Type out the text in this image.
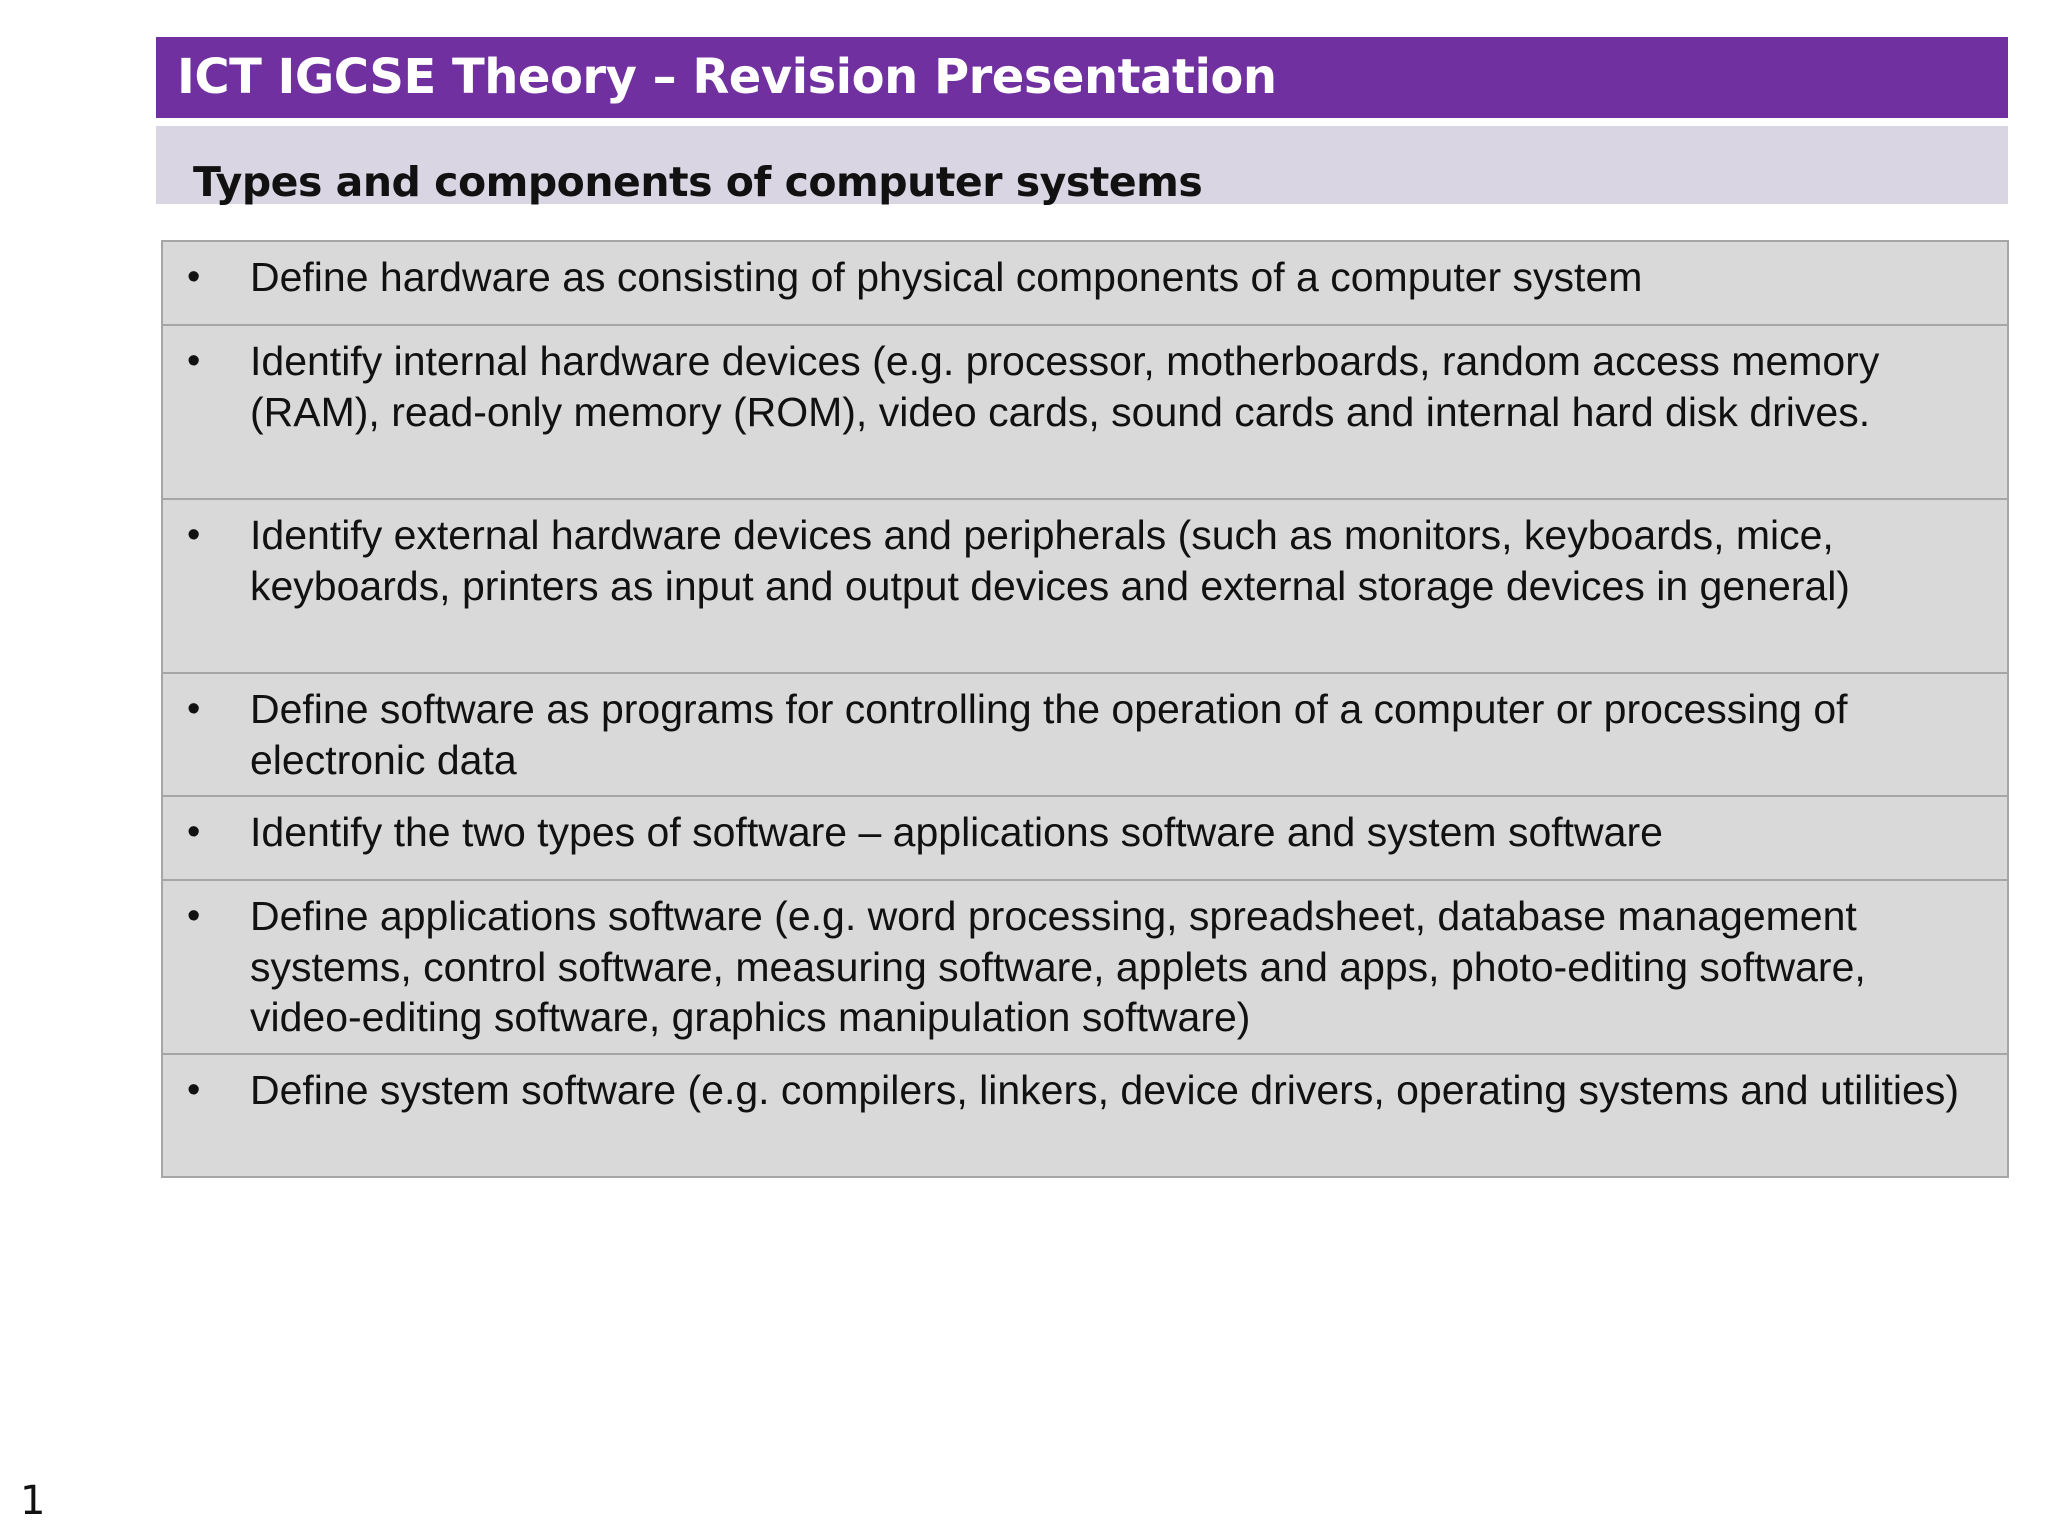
ICT IGCSE Theory – Revision Presentation
Types and components of computer systems
• Define hardware as consisting of physical components of a computer system
• Identify internal hardware devices (e.g. processor, motherboards, random access memory (RAM), read-only memory (ROM), video cards, sound cards and internal hard disk drives.
• Identify external hardware devices and peripherals (such as monitors, keyboards, mice, keyboards, printers as input and output devices and external storage devices in general)
• Define software as programs for controlling the operation of a computer or processing of electronic data
• Identify the two types of software – applications software and system software
• Define applications software (e.g. word processing, spreadsheet, database management systems, control software, measuring software, applets and apps, photo-editing software, video-editing software, graphics manipulation software)
• Define system software (e.g. compilers, linkers, device drivers, operating systems and utilities)
1
